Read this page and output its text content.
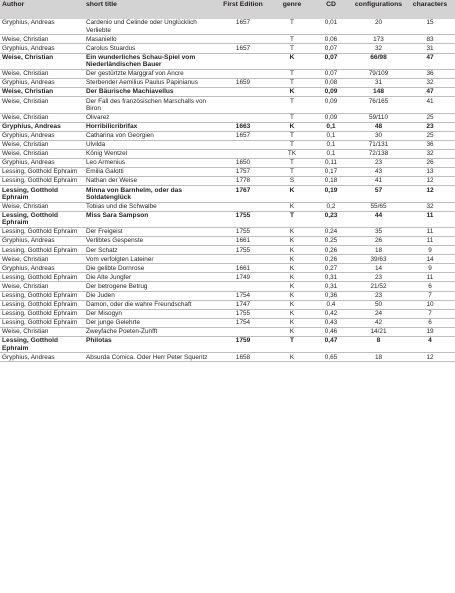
Author	short title	First Edition	genre	CD	configurations	characters
Gryphius, Andreas	Cardenio und Celinde oder Unglücklich Verliebte	1657	T	0,01	20	15
Weise, Christian	Masaniello		T	0,06	173	83
Gryphius, Andreas	Carolus Stuardus	1657	T	0,07	32	31
Weise, Christian	Ein wunderliches Schau-Spiel vom Niederländischen Bauer		K	0,07	66/98	47
Weise, Christian	Der gestürtzte Marggraf von Ancre		T	0,07	79/109	36
Gryphius, Andreas	Sterbender Aemilius Paulus Papinianus	1659	T	0,08	31	32
Weise, Christian	Der Bäurische Machiavellus		K	0,09	148	47
Weise, Christian	Der Fall des französischen Marschalls von Biron		T	0,09	76/165	41
Weise, Christian	Olivarez		T	0,09	59/110	25
Gryphius, Andreas	Horribilicribrifax	1663	K	0,1	48	23
Gryphius, Andreas	Catharina von Georgien	1657	T	0,1	30	25
Weise, Christian	Ulvilda		T	0,1	71/131	36
Weise, Christian	König Wentzel		TK	0,1	72/138	32
Gryphius, Andreas	Leo Armenius	1650	T	0,11	23	26
Lessing, Gotthold Ephraim	Emilia Galotti	1757	T	0,17	43	13
Lessing, Gotthold Ephraim	Nathan der Weise	1778	S	0,18	41	12
Lessing, Gotthold Ephraim	Minna von Barnhelm, oder das Soldatenglück	1767	K	0,19	57	12
Weise, Christian	Tobias und die Schwalbe		K	0,2	55/65	32
Lessing, Gotthold Ephraim	Miss Sara Sampson	1755	T	0,23	44	11
Lessing, Gotthold Ephraim	Der Freigeist	1755	K	0,24	35	11
Gryphius, Andreas	Verlibtes Gespenste	1661	K	0,25	26	11
Lessing, Gotthold Ephraim	Der Schatz	1755	K	0,26	18	9
Weise, Christian	Vom verfolgten Lateiner		K	0,26	39/63	14
Gryphius, Andreas	Die gelibte Dornrose	1661	K	0,27	14	9
Lessing, Gotthold Ephraim	Die Alte Jungfer	1749	K	0,31	23	11
Weise, Christian	Der betrogene Betrug		K	0,31	21/52	6
Lessing, Gotthold Ephraim	Die Juden	1754	K	0,36	23	7
Lessing, Gotthold Ephraim	Damon, oder die wahre Freundschaft	1747	K	0,4	50	10
Lessing, Gotthold Ephraim	Der Misogyn	1755	K	0,42	24	7
Lessing, Gotthold Ephraim	Der junge Gelehrte	1754	K	0,43	42	6
Weise, Christian	Zweyfache Poeten-Zunfft		K	0,46	14/21	19
Lessing, Gotthold Ephraim	Philotas	1759	T	0,47	8	4
Gryphius, Andreas	Absurda Comica. Oder Herr Peter Squentz	1658	K	0,65	18	12
